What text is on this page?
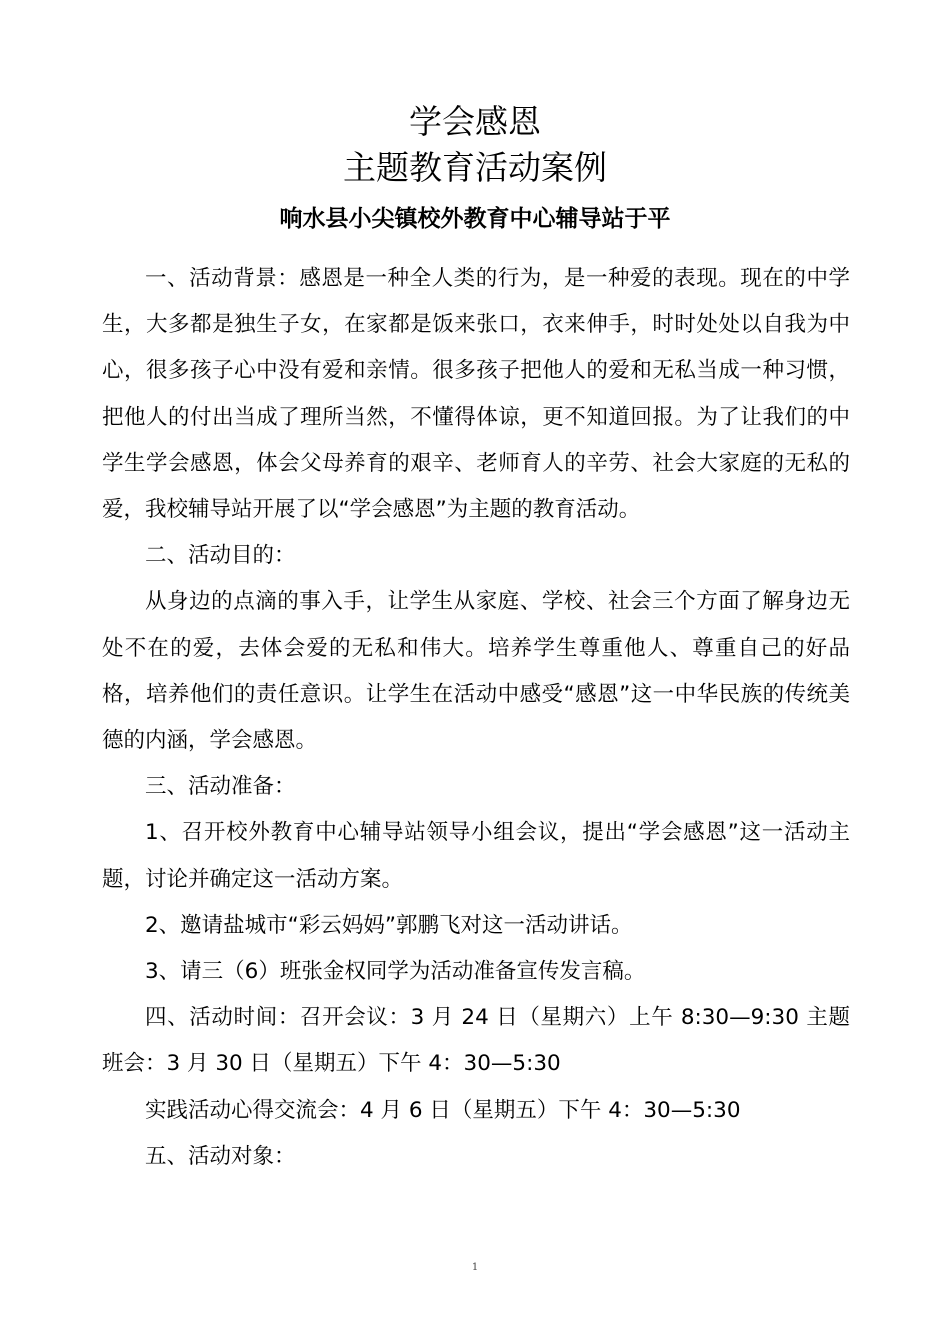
学会感恩
主题教育活动案例
响水县小尖镇校外教育中心辅导站于平

一、活动背景：感恩是一种全人类的行为，是一种爱的表现。现在的中学生，大多都是独生子女，在家都是饭来张口，衣来伸手，时时处处以自我为中心，很多孩子心中没有爱和亲情。很多孩子把他人的爱和无私当成一种习惯，把他人的付出当成了理所当然，不懂得体谅，更不知道回报。为了让我们的中学生学会感恩，体会父母养育的艰辛、老师育人的辛劳、社会大家庭的无私的爱，我校辅导站开展了以“学会感恩”为主题的教育活动。

二、活动目的：

从身边的点滴的事入手，让学生从家庭、学校、社会三个方面了解身边无处不在的爱，去体会爱的无私和伟大。培养学生尊重他人、尊重自己的好品格，培养他们的责任意识。让学生在活动中感受“感恩”这一中华民族的传统美德的内涵，学会感恩。

三、活动准备：

1、召开校外教育中心辅导站领导小组会议，提出“学会感恩”这一活动主题，讨论并确定这一活动方案。

2、邀请盐城市“彩云妈妈”郭鹏飞对这一活动讲话。

3、请三（6）班张金权同学为活动准备宣传发言稿。

四、活动时间：召开会议：3 月 24 日（星期六）上午 8:30—9:30 主题班会：3 月 30 日（星期五）下午 4：30—5:30

实践活动心得交流会：4 月 6 日（星期五）下午 4：30—5:30

五、活动对象：

1
